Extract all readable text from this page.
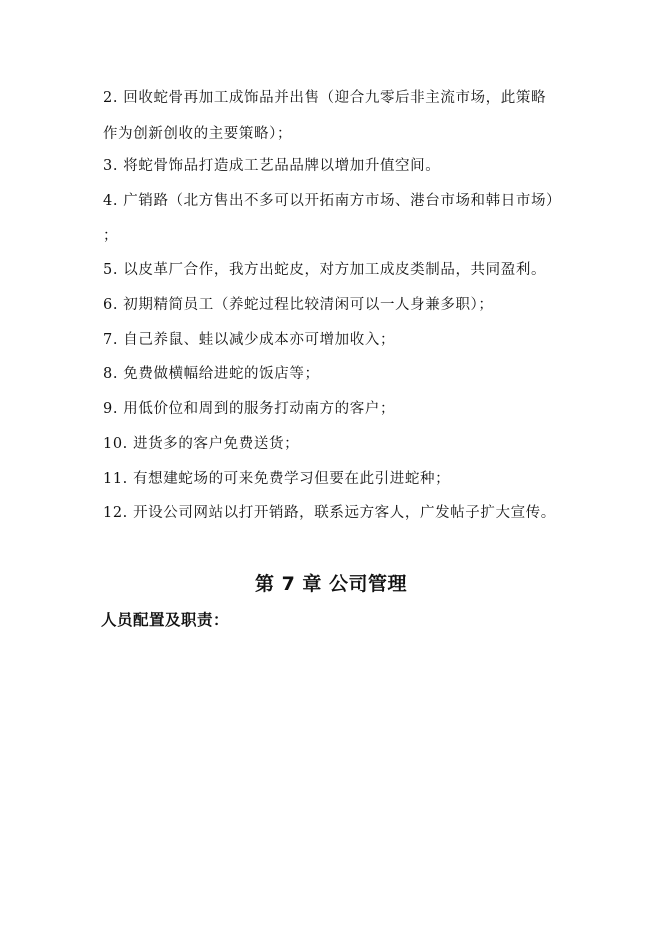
2. 回收蛇骨再加工成饰品并出售（迎合九零后非主流市场，此策略
作为创新创收的主要策略）；
3. 将蛇骨饰品打造成工艺品品牌以增加升值空间。
4. 广销路（北方售出不多可以开拓南方市场、港台市场和韩日市场）
；
5. 以皮革厂合作，我方出蛇皮，对方加工成皮类制品，共同盈利。
6. 初期精简员工（养蛇过程比较清闲可以一人身兼多职）；
7. 自己养鼠、蛙以减少成本亦可增加收入；
8. 免费做横幅给进蛇的饭店等；
9. 用低价位和周到的服务打动南方的客户；
10. 进货多的客户免费送货；
11. 有想建蛇场的可来免费学习但要在此引进蛇种；
12. 开设公司网站以打开销路，联系远方客人，广发帖子扩大宣传。
第 7 章 公司管理
人员配置及职责：
